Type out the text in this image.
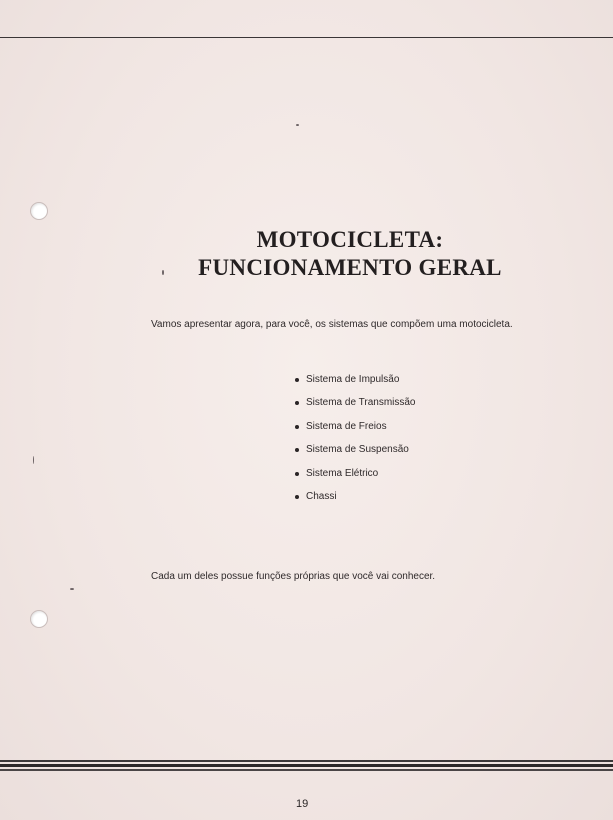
MOTOCICLETA:
FUNCIONAMENTO GERAL
Vamos apresentar agora, para você, os sistemas que compõem uma motocicleta.
Sistema de Impulsão
Sistema de Transmissão
Sistema de Freios
Sistema de Suspensão
Sistema Elétrico
Chassi
Cada um deles possue funções próprias que você vai conhecer.
19
